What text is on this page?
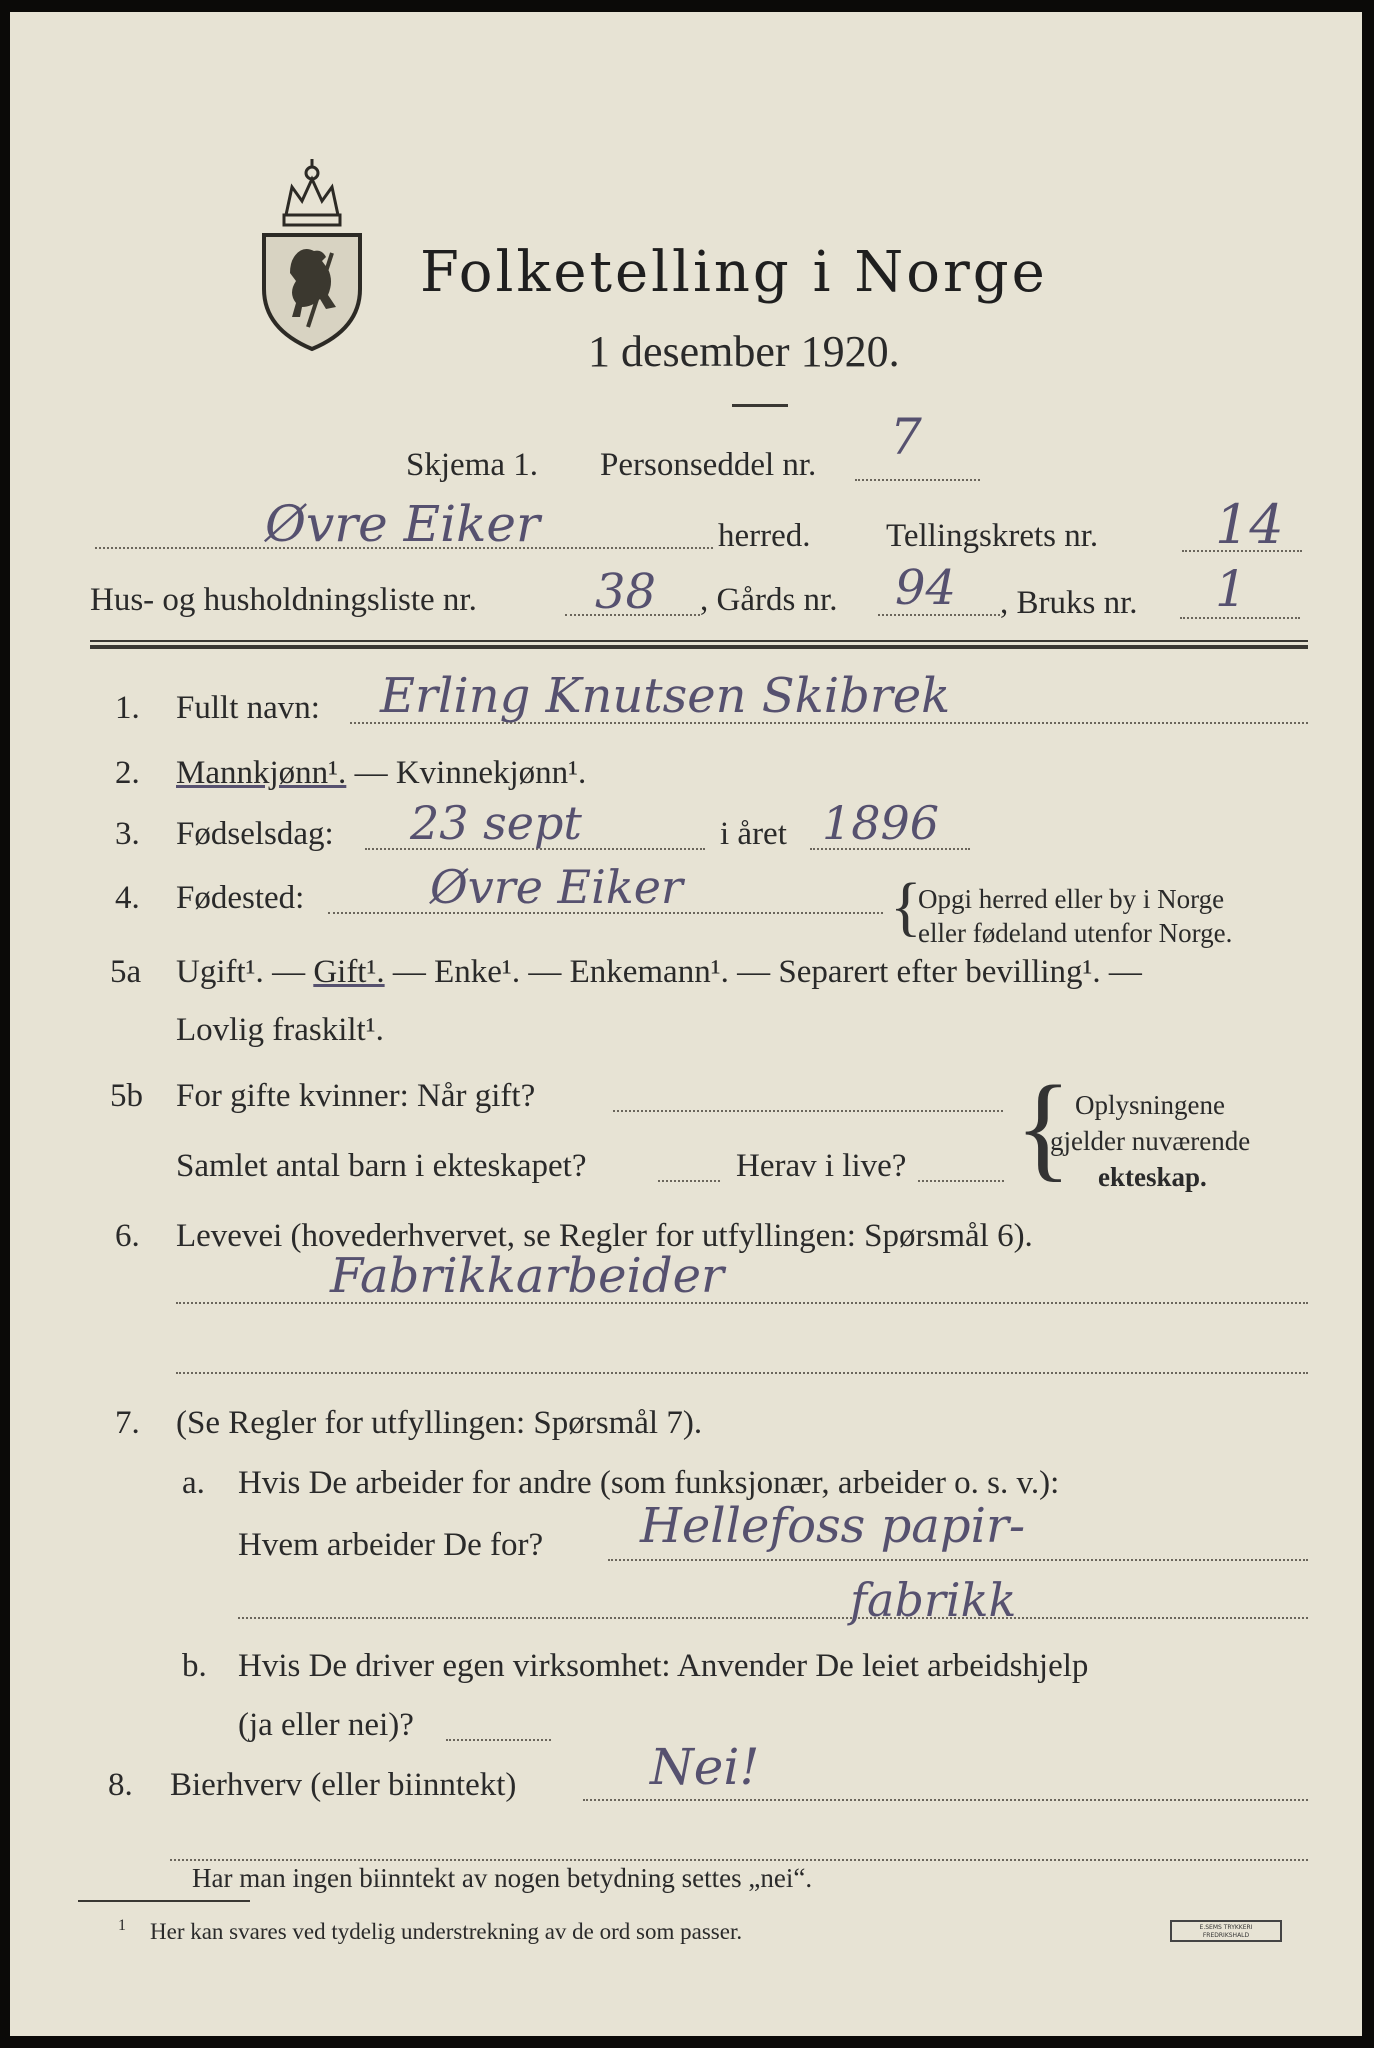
Folketelling i Norge
1 desember 1920.
Skjema 1. Personseddel nr. 7
Øvre Eiker	herred. Tellingskrets nr. 14
Hus- og husholdningsliste nr. 38 , Gårds nr. 94 , Bruks nr. 1
1. Fullt navn: Erling Knutsen Skibrek
2. Mannkjønn¹. — Kvinnekjønn¹.
3. Fødselsdag: 23 sept	i året 1896
4. Fødested:	Øvre Eiker	{
Opgi herred eller by i Norge
eller fødeland utenfor Norge.
5a Ugift¹. — Gift¹. — Enke¹. — Enkemann¹. — Separert efter bevilling¹. —
Lovlig fraskilt¹.
5b For gifte kvinner: Når gift?
Samlet antal barn i ekteskapet?	Herav i live? { Oplysningene
gjelder nuværende
ekteskap.
6. Levevei (hovederhvervet, se Regler for utfyllingen: Spørsmål 6).
Fabrikkarbeider
7. (Se Regler for utfyllingen: Spørsmål 7).
a. Hvis De arbeider for andre (som funksjonær, arbeider o. s. v.):
Hvem arbeider De for? Hellefoss papir-
fabrikk
b. Hvis De driver egen virksomhet: Anvender De leiet arbeidshjelp
(ja eller nei)?
8. Bierhverv (eller biinntekt)	Nei!
Har man ingen biinntekt av nogen betydning settes „nei“.
1 Her kan svares ved tydelig understrekning av de ord som passer.	E.SEMS TRYKKERI FREDRIKSHALD
